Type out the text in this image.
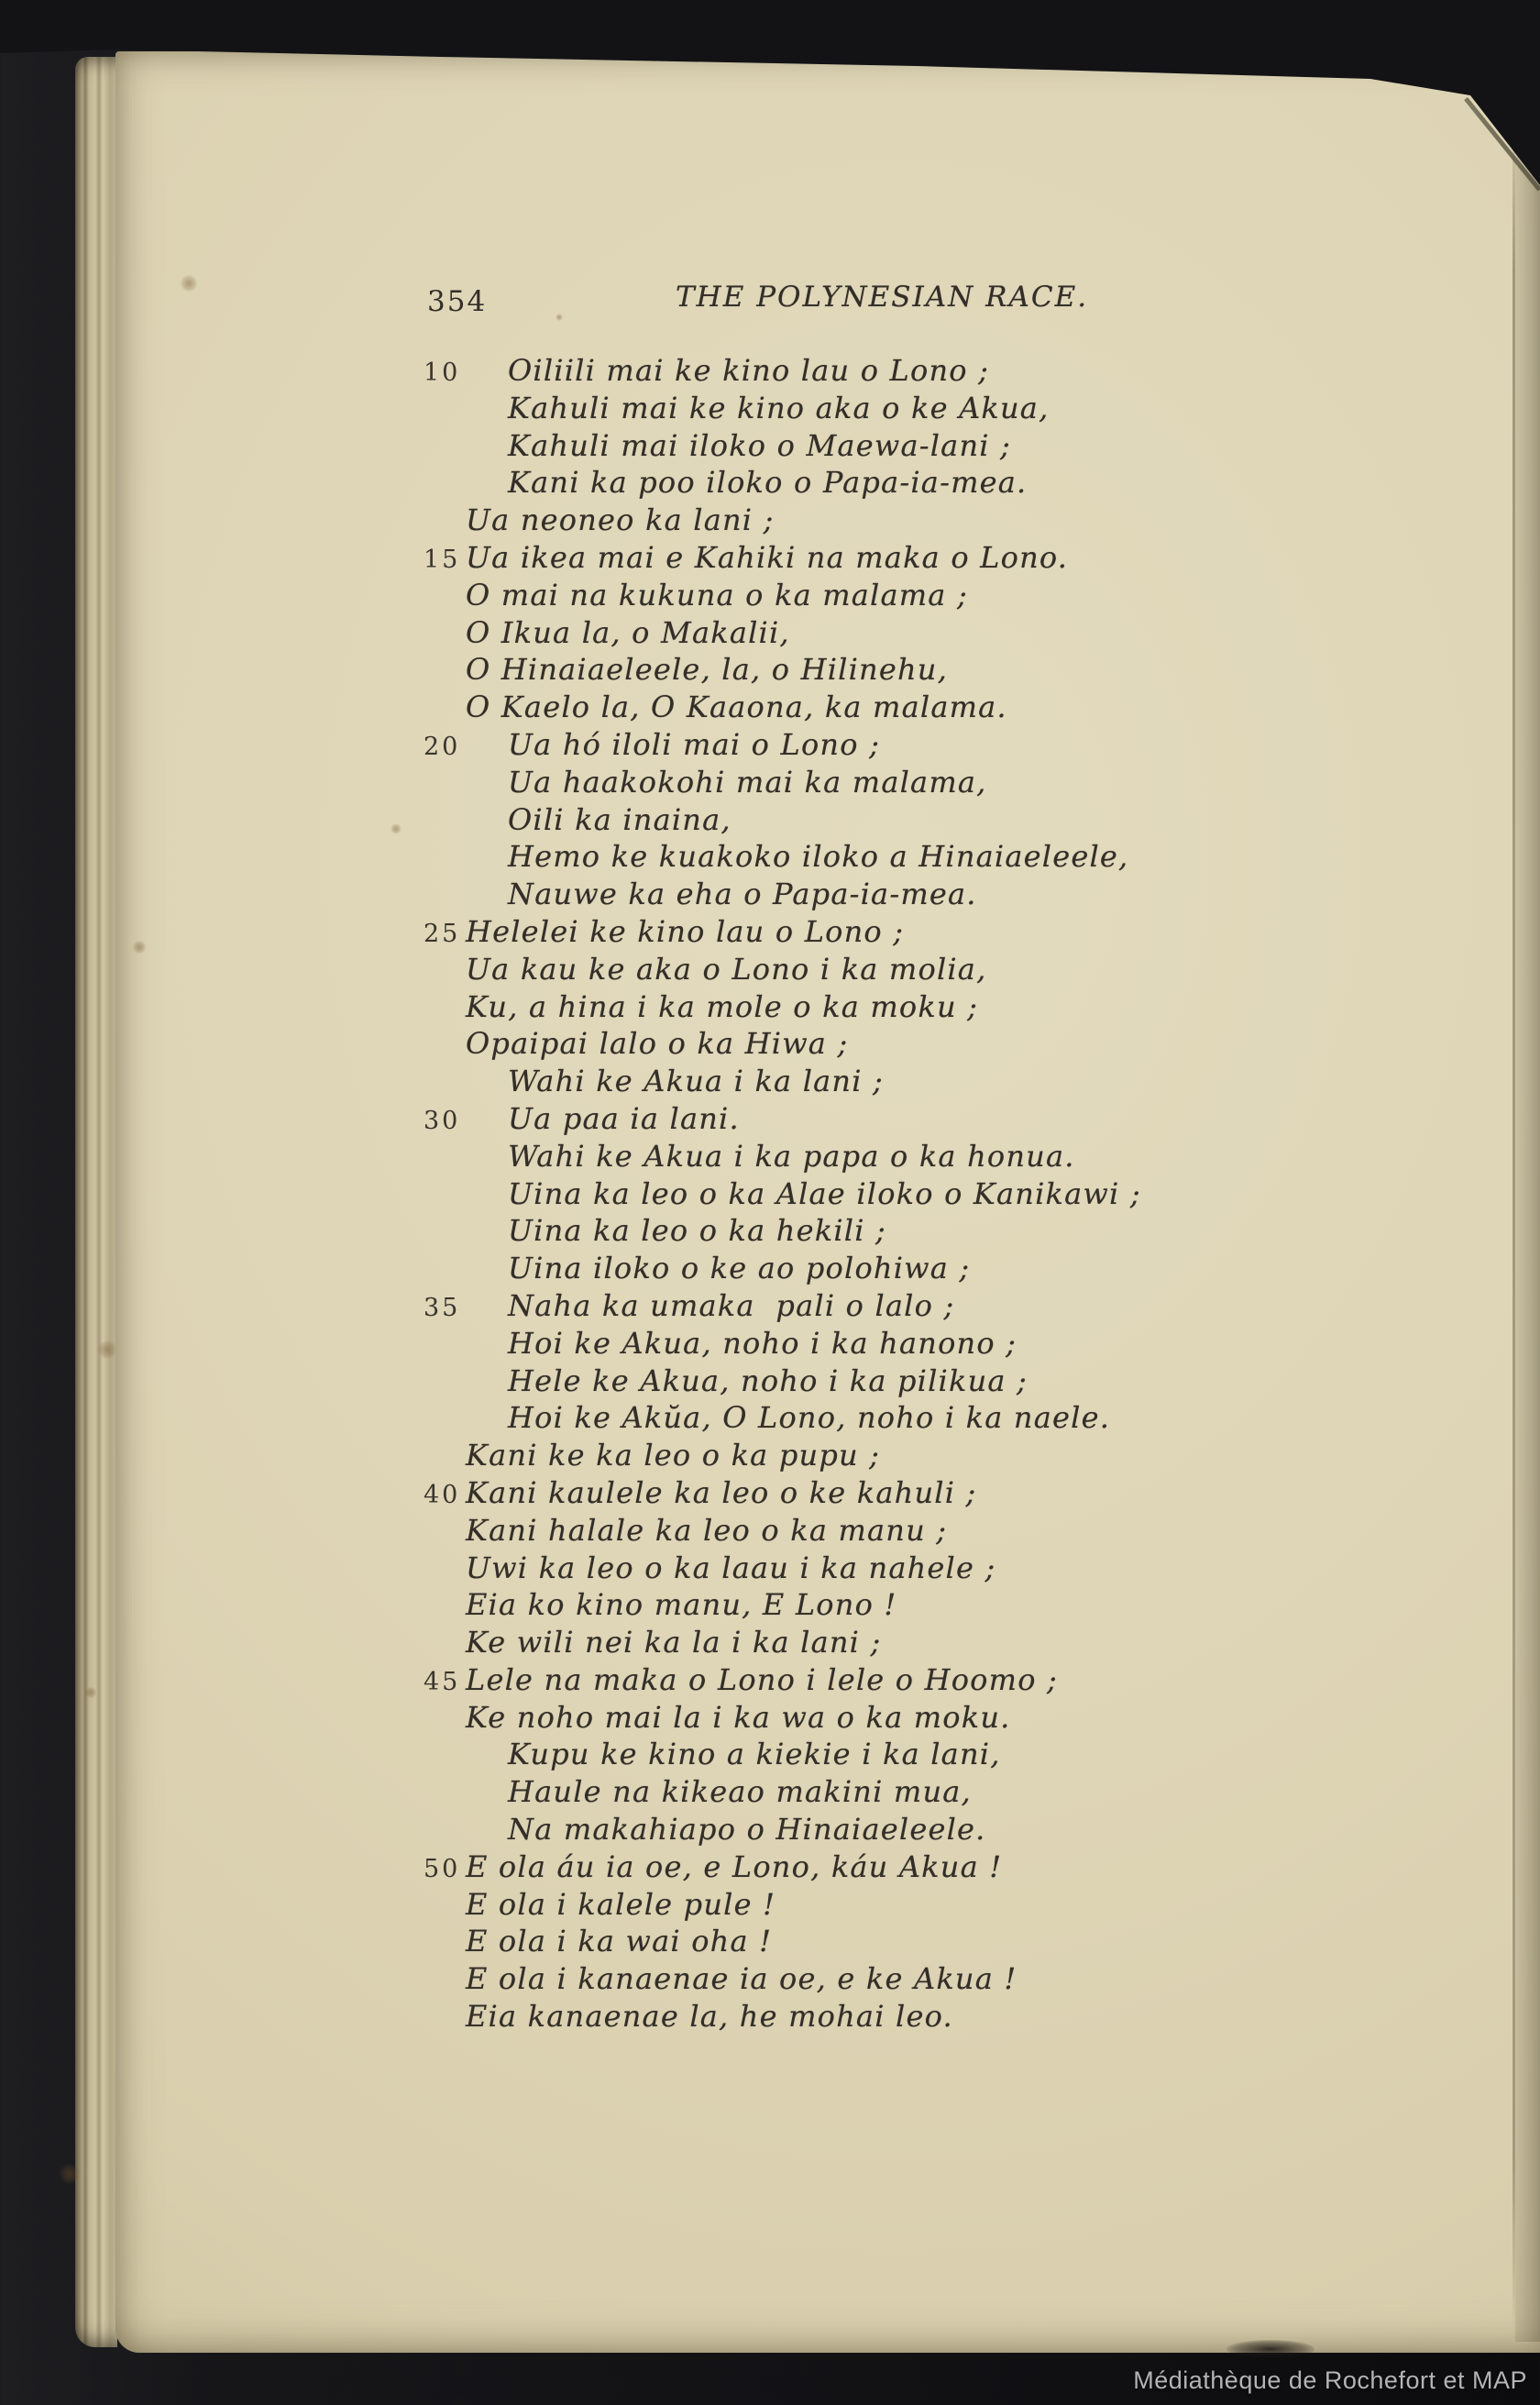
354	THE POLYNESIAN RACE.
10 Oiliili mai ke kino lau o Lono ;
Kahuli mai ke kino aka o ke Akua,
Kahuli mai iloko o Maewa-lani ;
Kani ka poo iloko o Papa-ia-mea.
Ua neoneo ka lani ;
15 Ua ikea mai e Kahiki na maka o Lono.
O mai na kukuna o ka malama ;
O Ikua la, o Makalii,
O Hinaiaeleele, la, o Hilinehu,
O Kaelo la, O Kaaona, ka malama.
20 Ua hó iloli mai o Lono ;
Ua haakokohi mai ka malama,
Oili ka inaina,
Hemo ke kuakoko iloko a Hinaiaeleele,
Nauwe ka eha o Papa-ia-mea.
25 Helelei ke kino lau o Lono ;
Ua kau ke aka o Lono i ka molia,
Ku, a hina i ka mole o ka moku ;
Opaipai lalo o ka Hiwa ;
Wahi ke Akua i ka lani ;
30 Ua paa ia lani.
Wahi ke Akua i ka papa o ka honua.
Uina ka leo o ka Alae iloko o Kanikawi ;
Uina ka leo o ka hekili ;
Uina iloko o ke ao polohiwa ;
35 Naha ka umaka  pali o lalo ;
Hoi ke Akua, noho i ka hanono ;
Hele ke Akua, noho i ka pilikua ;
Hoi ke Akŭa, O Lono, noho i ka naele.
Kani ke ka leo o ka pupu ;
40 Kani kaulele ka leo o ke kahuli ;
Kani halale ka leo o ka manu ;
Uwi ka leo o ka laau i ka nahele ;
Eia ko kino manu, E Lono !
Ke wili nei ka la i ka lani ;
45 Lele na maka o Lono i lele o Hoomo ;
Ke noho mai la i ka wa o ka moku.
Kupu ke kino a kiekie i ka lani,
Haule na kikeao makini mua,
Na makahiapo o Hinaiaeleele.
50 E ola áu ia oe, e Lono, káu Akua !
E ola i kalele pule !
E ola i ka wai oha !
E ola i kanaenae ia oe, e ke Akua !
Eia kanaenae la, he mohai leo.
Médiathèque de Rochefort et MAP
